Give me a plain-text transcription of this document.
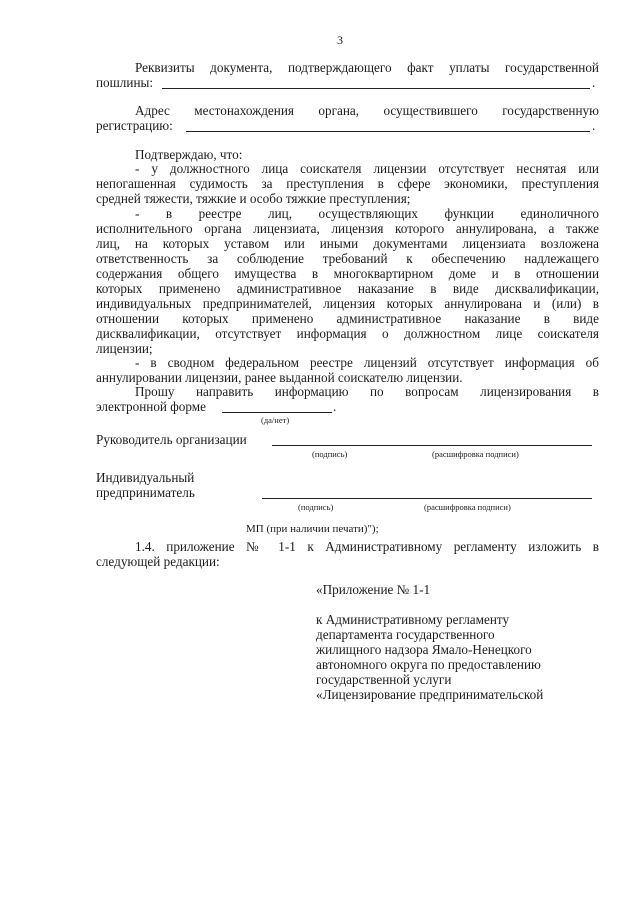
3
Реквизиты документа, подтверждающего факт уплаты государственной
пошлины:	.
Адрес местонахождения органа, осуществившего государственную
регистрацию:	.
Подтверждаю, что:
- у должностного лица соискателя лицензии отсутствует неснятая или
непогашенная судимость за преступления в сфере экономики, преступления
средней тяжести, тяжкие и особо тяжкие преступления;
- в реестре лиц, осуществляющих функции единоличного
исполнительного органа лицензиата, лицензия которого аннулирована, а также
лиц, на которых уставом или иными документами лицензиата возложена
ответственность за соблюдение требований к обеспечению надлежащего
содержания общего имущества в многоквартирном доме и в отношении
которых применено административное наказание в виде дисквалификации,
индивидуальных предпринимателей, лицензия которых аннулирована и (или) в
отношении которых применено административное наказание в виде
дисквалификации, отсутствует информация о должностном лице соискателя
лицензии;
- в сводном федеральном реестре лицензий отсутствует информация об
аннулировании лицензии, ранее выданной соискателю лицензии.
Прошу направить информацию по вопросам лицензирования в
электронной форме	.
(да/нет)
Руководитель организации
(подпись)	(расшифровка подписи)
Индивидуальный
предприниматель
(подпись)	(расшифровка подписи)
МП (при наличии печати)");
1.4. приложение № 1-1 к Административному регламенту изложить в
следующей редакции:
«Приложение № 1-1
к Административному регламенту
департамента государственного
жилищного надзора Ямало-Ненецкого
автономного округа по предоставлению
государственной услуги
«Лицензирование предпринимательской
